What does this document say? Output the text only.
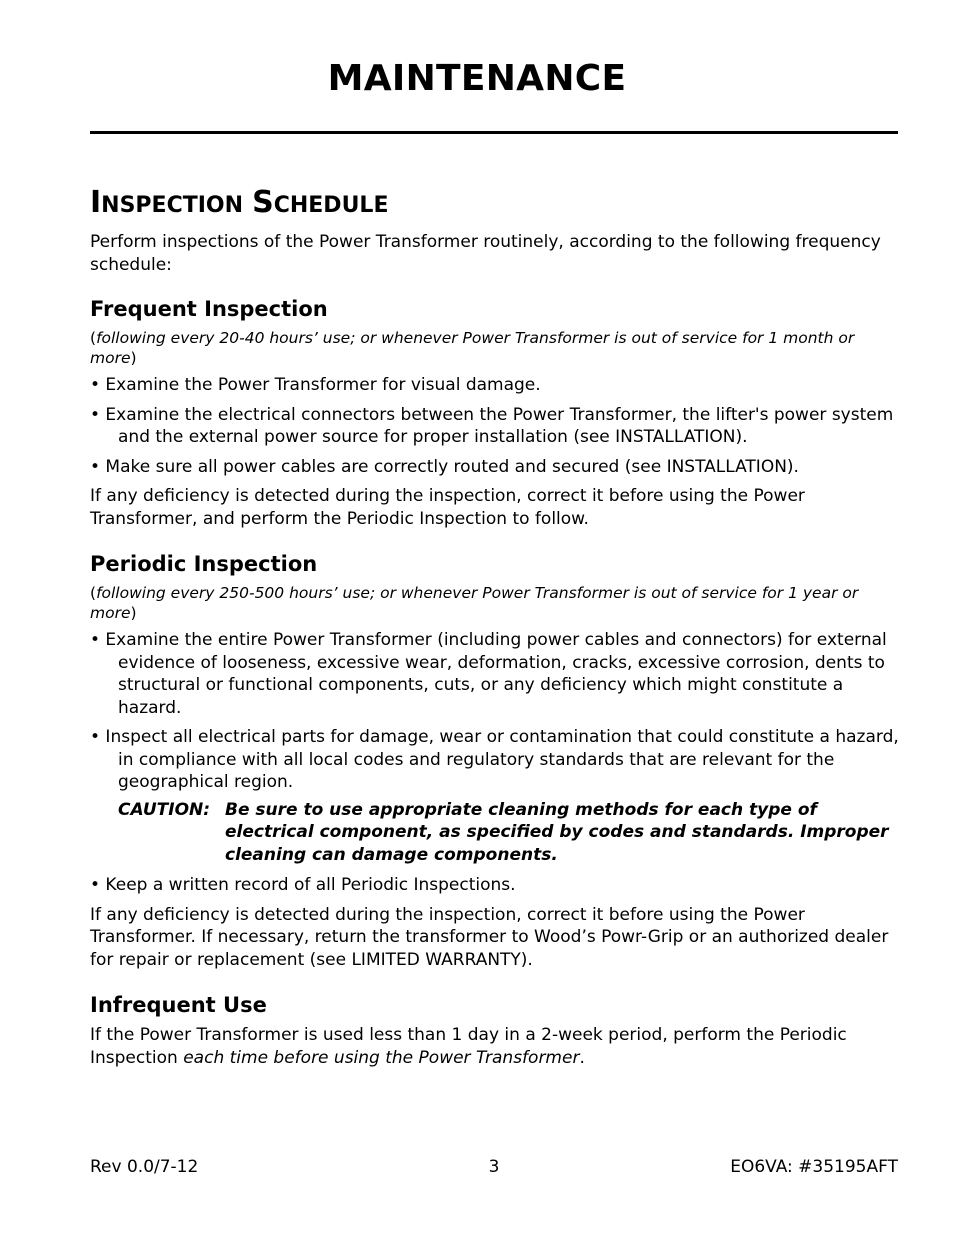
MAINTENANCE
INSPECTION SCHEDULE

Perform inspections of the Power Transformer routinely, according to the following frequency schedule:

Frequent Inspection

(following every 20-40 hours’ use; or whenever Power Transformer is out of service for 1 month or more)

• Examine the Power Transformer for visual damage.

• Examine the electrical connectors between the Power Transformer, the lifter's power system and the external power source for proper installation (see INSTALLATION).

• Make sure all power cables are correctly routed and secured (see INSTALLATION).

If any deficiency is detected during the inspection, correct it before using the Power Transformer, and perform the Periodic Inspection to follow.

Periodic Inspection

(following every 250-500 hours’ use; or whenever Power Transformer is out of service for 1 year or more)

• Examine the entire Power Transformer (including power cables and connectors) for external evidence of looseness, excessive wear, deformation, cracks, excessive corrosion, dents to structural or functional components, cuts, or any deficiency which might constitute a hazard.

• Inspect all electrical parts for damage, wear or contamination that could constitute a hazard, in compliance with all local codes and regulatory standards that are relevant for the geographical region.

CAUTION: Be sure to use appropriate cleaning methods for each type of electrical component, as specified by codes and standards. Improper cleaning can damage components.

• Keep a written record of all Periodic Inspections.

If any deficiency is detected during the inspection, correct it before using the Power Transformer. If necessary, return the transformer to Wood’s Powr-Grip or an authorized dealer for repair or replacement (see LIMITED WARRANTY).

Infrequent Use

If the Power Transformer is used less than 1 day in a 2-week period, perform the Periodic Inspection each time before using the Power Transformer.

Rev 0.0/7-12	3	EO6VA: #35195AFT
